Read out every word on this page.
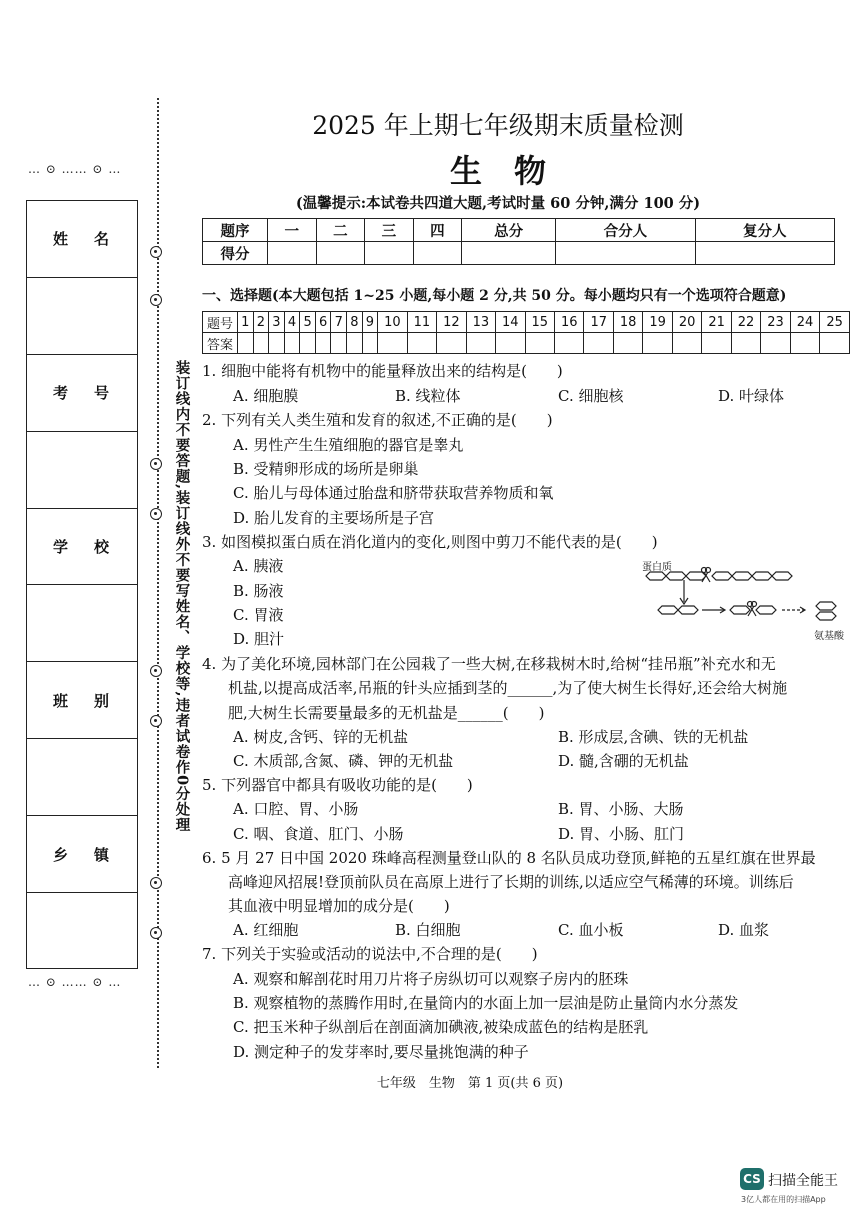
… ⊙ …… ⊙ …
… ⊙ …… ⊙ …
姓名
考号
学校
班别
乡镇
装订线内不要答题,装订线外不要写姓名、学校等,违者试卷作0分处理
2025 年上期七年级期末质量检测
生　物
(温馨提示:本试卷共四道大题,考试时量 60 分钟,满分 100 分)
题序	一	二	三	四	总分	合分人	复分人
得分							
一、选择题(本大题包括 1~25 小题,每小题 2 分,共 50 分。每小题均只有一个选项符合题意)
题号	1	2	3	4	5	6	7	8	9	10	11	12	13	14	15	16	17	18	19	20	21	22	23	24	25
答案																									
1. 细胞中能将有机物中的能量释放出来的结构是(　　)
A. 细胞膜	B. 线粒体	C. 细胞核	D. 叶绿体
2. 下列有关人类生殖和发育的叙述,不正确的是(　　)
A. 男性产生生殖细胞的器官是睾丸
B. 受精卵形成的场所是卵巢
C. 胎儿与母体通过胎盘和脐带获取营养物质和氧
D. 胎儿发育的主要场所是子宫
3. 如图模拟蛋白质在消化道内的变化,则图中剪刀不能代表的是(　　)
A. 胰液
B. 肠液
C. 胃液
D. 胆汁
蛋白质
氨基酸
4. 为了美化环境,园林部门在公园栽了一些大树,在移栽树木时,给树“挂吊瓶”补充水和无
机盐,以提高成活率,吊瓶的针头应插到茎的______,为了使大树生长得好,还会给大树施
肥,大树生长需要量最多的无机盐是______(　　)
A. 树皮,含钙、锌的无机盐	B. 形成层,含碘、铁的无机盐
C. 木质部,含氮、磷、钾的无机盐	D. 髓,含硼的无机盐
5. 下列器官中都具有吸收功能的是(　　)
A. 口腔、胃、小肠	B. 胃、小肠、大肠
C. 咽、食道、肛门、小肠	D. 胃、小肠、肛门
6. 5 月 27 日中国 2020 珠峰高程测量登山队的 8 名队员成功登顶,鲜艳的五星红旗在世界最
高峰迎风招展!登顶前队员在高原上进行了长期的训练,以适应空气稀薄的环境。训练后
其血液中明显增加的成分是(　　)
A. 红细胞	B. 白细胞	C. 血小板	D. 血浆
7. 下列关于实验或活动的说法中,不合理的是(　　)
A. 观察和解剖花时用刀片将子房纵切可以观察子房内的胚珠
B. 观察植物的蒸腾作用时,在量筒内的水面上加一层油是防止量筒内水分蒸发
C. 把玉米种子纵剖后在剖面滴加碘液,被染成蓝色的结构是胚乳
D. 测定种子的发芽率时,要尽量挑饱满的种子
七年级　生物　第 1 页(共 6 页)
CS 扫描全能王
3亿人都在用的扫描App
